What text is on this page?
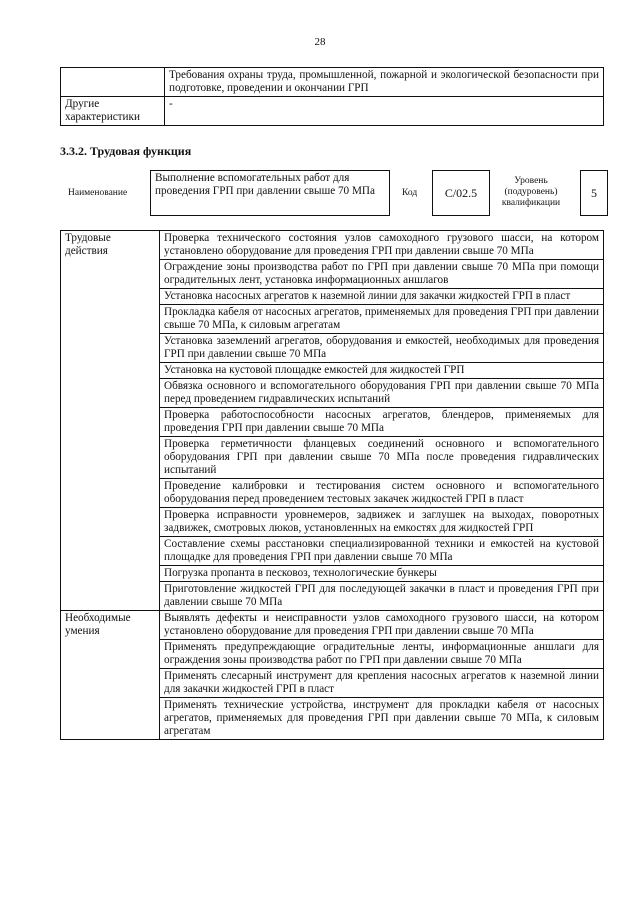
28
	Требования охраны труда, промышленной, пожарной и экологической безопасности при подготовке, проведении и окончании ГРП
Другие характеристики	-
3.3.2. Трудовая функция
Наименование
Выполнение вспомогательных работ для проведения ГРП при давлении свыше 70 МПа	Код	C/02.5
Уровень (подуровень) квалификации
5
Трудовые действия	Проверка технического состояния узлов самоходного грузового шасси, на котором установлено оборудование для проведения ГРП при давлении свыше 70 МПа
	Ограждение зоны производства работ по ГРП при давлении свыше 70 МПа при помощи оградительных лент, установка информационных аншлагов
	Установка насосных агрегатов к наземной линии для закачки жидкостей ГРП в пласт
	Прокладка кабеля от насосных агрегатов, применяемых для проведения ГРП при давлении свыше 70 МПа, к силовым агрегатам
	Установка заземлений агрегатов, оборудования и емкостей, необходимых для проведения ГРП при давлении свыше 70 МПа
	Установка на кустовой площадке емкостей для жидкостей ГРП
	Обвязка основного и вспомогательного оборудования ГРП при давлении свыше 70 МПа перед проведением гидравлических испытаний
	Проверка работоспособности насосных агрегатов, блендеров, применяемых для проведения ГРП при давлении свыше 70 МПа
	Проверка герметичности фланцевых соединений основного и вспомогательного оборудования ГРП при давлении свыше 70 МПа после проведения гидравлических испытаний
	Проведение калибровки и тестирования систем основного и вспомогательного оборудования перед проведением тестовых закачек жидкостей ГРП в пласт
	Проверка исправности уровнемеров, задвижек и заглушек на выходах, поворотных задвижек, смотровых люков, установленных на емкостях для жидкостей ГРП
	Составление схемы расстановки специализированной техники и емкостей на кустовой площадке для проведения ГРП при давлении свыше 70 МПа
	Погрузка пропанта в песковоз, технологические бункеры
	Приготовление жидкостей ГРП для последующей закачки в пласт и проведения ГРП при давлении свыше 70 МПа
Необходимые умения	Выявлять дефекты и неисправности узлов самоходного грузового шасси, на котором установлено оборудование для проведения ГРП при давлении свыше 70 МПа
	Применять предупреждающие оградительные ленты, информационные аншлаги для ограждения зоны производства работ по ГРП при давлении свыше 70 МПа
	Применять слесарный инструмент для крепления насосных агрегатов к наземной линии для закачки жидкостей ГРП в пласт
	Применять технические устройства, инструмент для прокладки кабеля от насосных агрегатов, применяемых для проведения ГРП при давлении свыше 70 МПа, к силовым агрегатам
